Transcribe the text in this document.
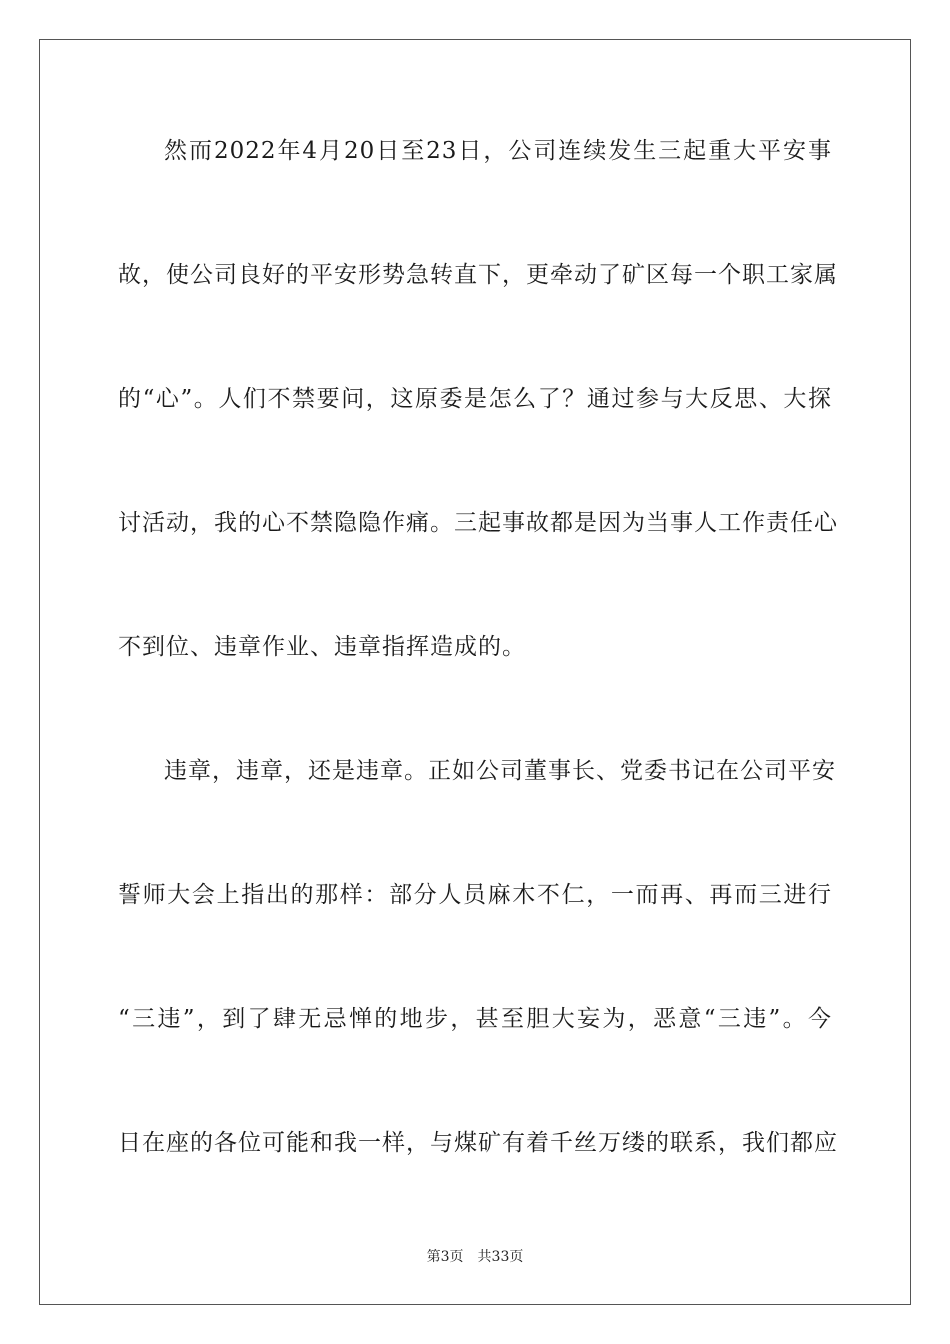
然而2022年4月20日至23日，公司连续发生三起重大平安事
故，使公司良好的平安形势急转直下，更牵动了矿区每一个职工家属
的“心”。人们不禁要问，这原委是怎么了？通过参与大反思、大探
讨活动，我的心不禁隐隐作痛。三起事故都是因为当事人工作责任心
不到位、违章作业、违章指挥造成的。
违章，违章，还是违章。正如公司董事长、党委书记在公司平安
誓师大会上指出的那样：部分人员麻木不仁，一而再、再而三进行
“三违”，到了肆无忌惮的地步，甚至胆大妄为，恶意“三违”。今
日在座的各位可能和我一样，与煤矿有着千丝万缕的联系，我们都应
第3页 共33页
